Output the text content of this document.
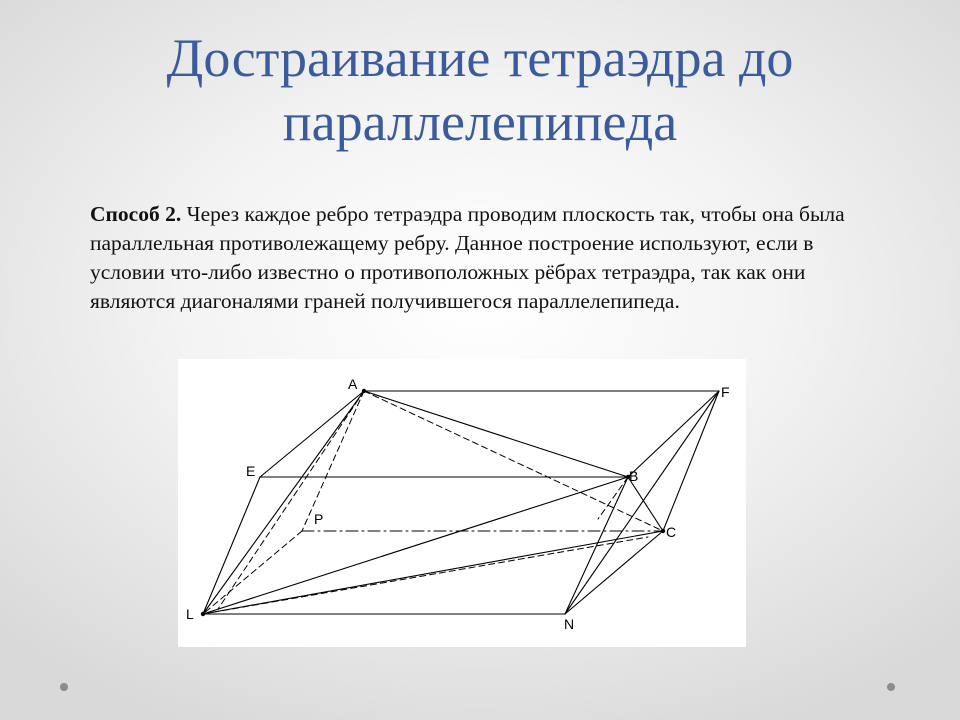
Достраивание тетраэдра до параллелепипеда

Способ 2. Через каждое ребро тетраэдра проводим плоскость так, чтобы она была параллельная противолежащему ребру. Данное построение используют, если в условии что-либо известно о противоположных рёбрах тетраэдра, так как они являются диагоналями граней получившегося параллелепипеда.

A	F
E	B
P
C
L
N
